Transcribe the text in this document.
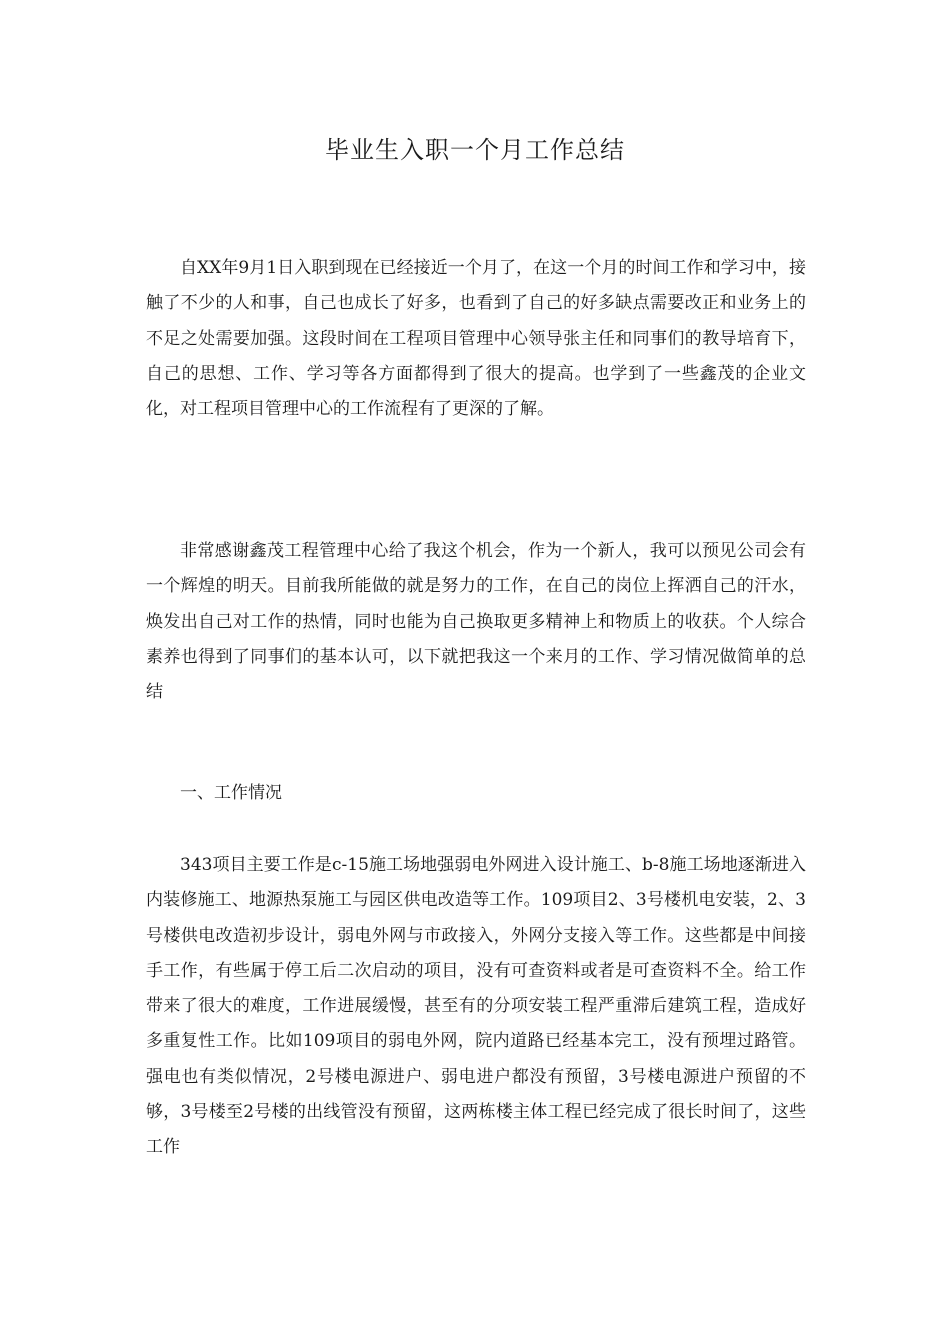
毕业生入职一个月工作总结

自XX年9月1日入职到现在已经接近一个月了，在这一个月的时间工作和学习中，接触了不少的人和事，自己也成长了好多，也看到了自己的好多缺点需要改正和业务上的不足之处需要加强。这段时间在工程项目管理中心领导张主任和同事们的教导培育下，自己的思想、工作、学习等各方面都得到了很大的提高。也学到了一些鑫茂的企业文化，对工程项目管理中心的工作流程有了更深的了解。

非常感谢鑫茂工程管理中心给了我这个机会，作为一个新人，我可以预见公司会有一个辉煌的明天。目前我所能做的就是努力的工作，在自己的岗位上挥洒自己的汗水，焕发出自己对工作的热情，同时也能为自己换取更多精神上和物质上的收获。个人综合素养也得到了同事们的基本认可，以下就把我这一个来月的工作、学习情况做简单的总结

一、工作情况

343项目主要工作是c-15施工场地强弱电外网进入设计施工、b-8施工场地逐渐进入内装修施工、地源热泵施工与园区供电改造等工作。109项目2、3号楼机电安装，2、3号楼供电改造初步设计，弱电外网与市政接入，外网分支接入等工作。这些都是中间接手工作，有些属于停工后二次启动的项目，没有可查资料或者是可查资料不全。给工作带来了很大的难度，工作进展缓慢，甚至有的分项安装工程严重滞后建筑工程，造成好多重复性工作。比如109项目的弱电外网，院内道路已经基本完工，没有预埋过路管。强电也有类似情况，2号楼电源进户、弱电进户都没有预留，3号楼电源进户预留的不够，3号楼至2号楼的出线管没有预留，这两栋楼主体工程已经完成了很长时间了，这些工作
